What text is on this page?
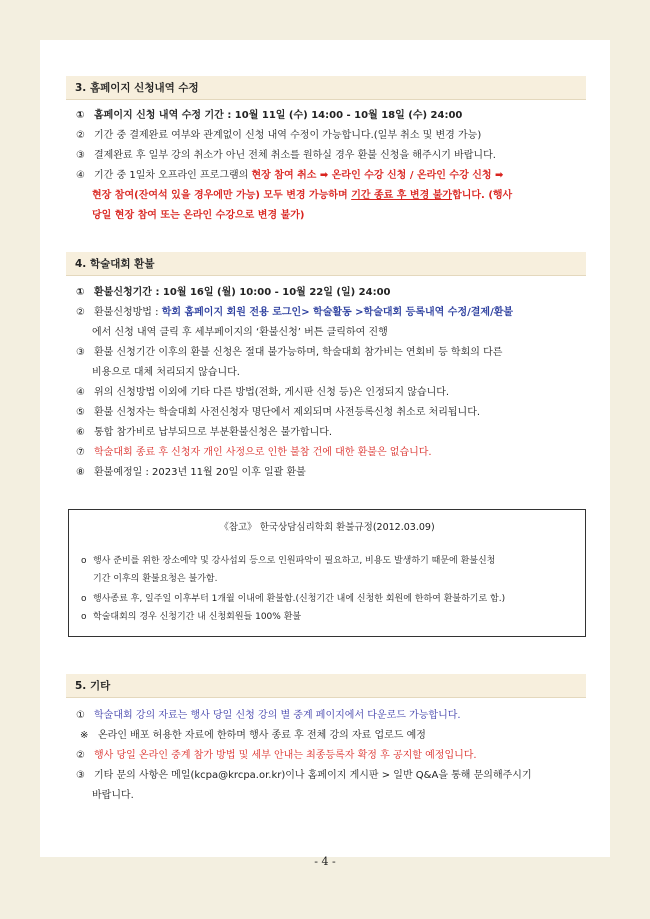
3. 홈페이지 신청내역 수정
① 홈페이지 신청 내역 수정 기간 : 10월 11일 (수) 14:00 - 10월 18일 (수) 24:00
② 기간 중 결제완료 여부와 관계없이 신청 내역 수정이 가능합니다.(일부 취소 및 변경 가능)
③ 결제완료 후 일부 강의 취소가 아닌 전체 취소를 원하실 경우 환불 신청을 해주시기 바랍니다.
④ 기간 중 1일차 오프라인 프로그램의 현장 참여 취소 ➡ 온라인 수강 신청 / 온라인 수강 신청 ➡
현장 참여(잔여석 있을 경우에만 가능) 모두 변경 가능하며 기간 종료 후 변경 불가합니다. (행사
당일 현장 참여 또는 온라인 수강으로 변경 불가)
4. 학술대회 환불
① 환불신청기간 : 10월 16일 (월) 10:00 - 10월 22일 (일) 24:00
② 환불신청방법 : 학회 홈페이지 회원 전용 로그인> 학술활동 >학술대회 등록내역 수정/결제/환불
에서 신청 내역 클릭 후 세부페이지의 ‘환불신청’ 버튼 클릭하여 진행
③ 환불 신청기간 이후의 환불 신청은 절대 불가능하며, 학술대회 참가비는 연회비 등 학회의 다른
비용으로 대체 처리되지 않습니다.
④ 위의 신청방법 이외에 기타 다른 방법(전화, 게시판 신청 등)은 인정되지 않습니다.
⑤ 환불 신청자는 학술대회 사전신청자 명단에서 제외되며 사전등록신청 취소로 처리됩니다.
⑥ 통합 참가비로 납부되므로 부분환불신청은 불가합니다.
⑦ 학술대회 종료 후 신청자 개인 사정으로 인한 불참 건에 대한 환불은 없습니다.
⑧ 환불예정일 : 2023년 11월 20일 이후 일괄 환불
《참고》 한국상담심리학회 환불규정(2012.03.09)
o 행사 준비를 위한 장소예약 및 강사섭외 등으로 인원파악이 필요하고, 비용도 발생하기 때문에 환불신청
기간 이후의 환불요청은 불가함.
o 행사종료 후, 일주일 이후부터 1개월 이내에 환불함.(신청기간 내에 신청한 회원에 한하여 환불하기로 함.)
o 학술대회의 경우 신청기간 내 신청회원들 100% 환불
5. 기타
① 학술대회 강의 자료는 행사 당일 신청 강의 별 중계 페이지에서 다운로드 가능합니다.
※ 온라인 배포 허용한 자료에 한하며 행사 종료 후 전체 강의 자료 업로드 예정
② 행사 당일 온라인 중계 참가 방법 및 세부 안내는 최종등록자 확정 후 공지할 예정입니다.
③ 기타 문의 사항은 메일(kcpa@krcpa.or.kr)이나 홈페이지 게시판 > 일반 Q&A을 통해 문의해주시기
바랍니다.
- 4 -
